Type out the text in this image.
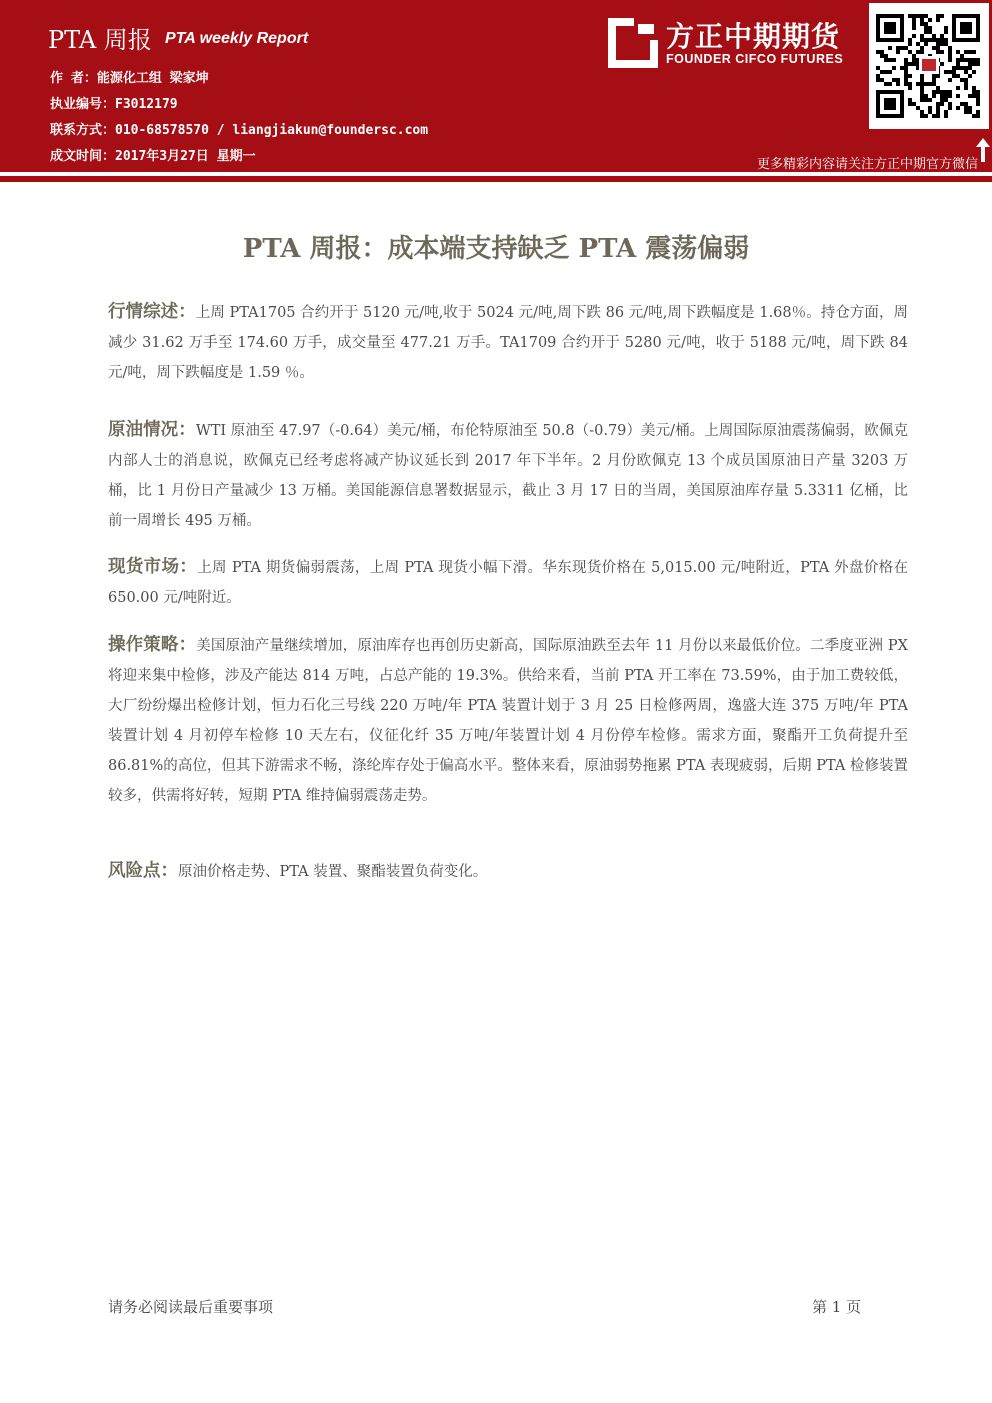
PTA 周报 PTA weekly Report
作 者：能源化工组 梁家坤
执业编号：F3012179
联系方式：010-68578570 / liangjiakun@foundersc.com
成文时间：2017年3月27日 星期一
方正中期期货
FOUNDER CIFCO FUTURES
更多精彩内容请关注方正中期官方微信
PTA 周报：成本端支持缺乏 PTA 震荡偏弱
行情综述：上周 PTA1705 合约开于 5120 元/吨,收于 5024 元/吨,周下跌 86 元/吨,周下跌幅度是 1.68％。持仓方面，周减少 31.62 万手至 174.60 万手，成交量至 477.21 万手。TA1709 合约开于 5280 元/吨，收于 5188 元/吨，周下跌 84 元/吨，周下跌幅度是 1.59 ％。
原油情况：WTI 原油至 47.97（-0.64）美元/桶，布伦特原油至 50.8（-0.79）美元/桶。上周国际原油震荡偏弱，欧佩克内部人士的消息说，欧佩克已经考虑将减产协议延长到 2017 年下半年。2 月份欧佩克 13 个成员国原油日产量 3203 万桶，比 1 月份日产量减少 13 万桶。美国能源信息署数据显示，截止 3 月 17 日的当周，美国原油库存量 5.3311 亿桶，比前一周增长 495 万桶。
现货市场：上周 PTA 期货偏弱震荡，上周 PTA 现货小幅下滑。华东现货价格在 5,015.00 元/吨附近，PTA 外盘价格在 650.00 元/吨附近。
操作策略：美国原油产量继续增加，原油库存也再创历史新高，国际原油跌至去年 11 月份以来最低价位。二季度亚洲 PX 将迎来集中检修，涉及产能达 814 万吨，占总产能的 19.3%。供给来看，当前 PTA 开工率在 73.59%，由于加工费较低，大厂纷纷爆出检修计划，恒力石化三号线 220 万吨/年 PTA 装置计划于 3 月 25 日检修两周，逸盛大连 375 万吨/年 PTA 装置计划 4 月初停车检修 10 天左右，仪征化纤 35 万吨/年装置计划 4 月份停车检修。需求方面，聚酯开工负荷提升至 86.81%的高位，但其下游需求不畅，涤纶库存处于偏高水平。整体来看，原油弱势拖累 PTA 表现疲弱，后期 PTA 检修装置较多，供需将好转，短期 PTA 维持偏弱震荡走势。
风险点：原油价格走势、PTA 装置、聚酯装置负荷变化。
请务必阅读最后重要事项	第 1 页
